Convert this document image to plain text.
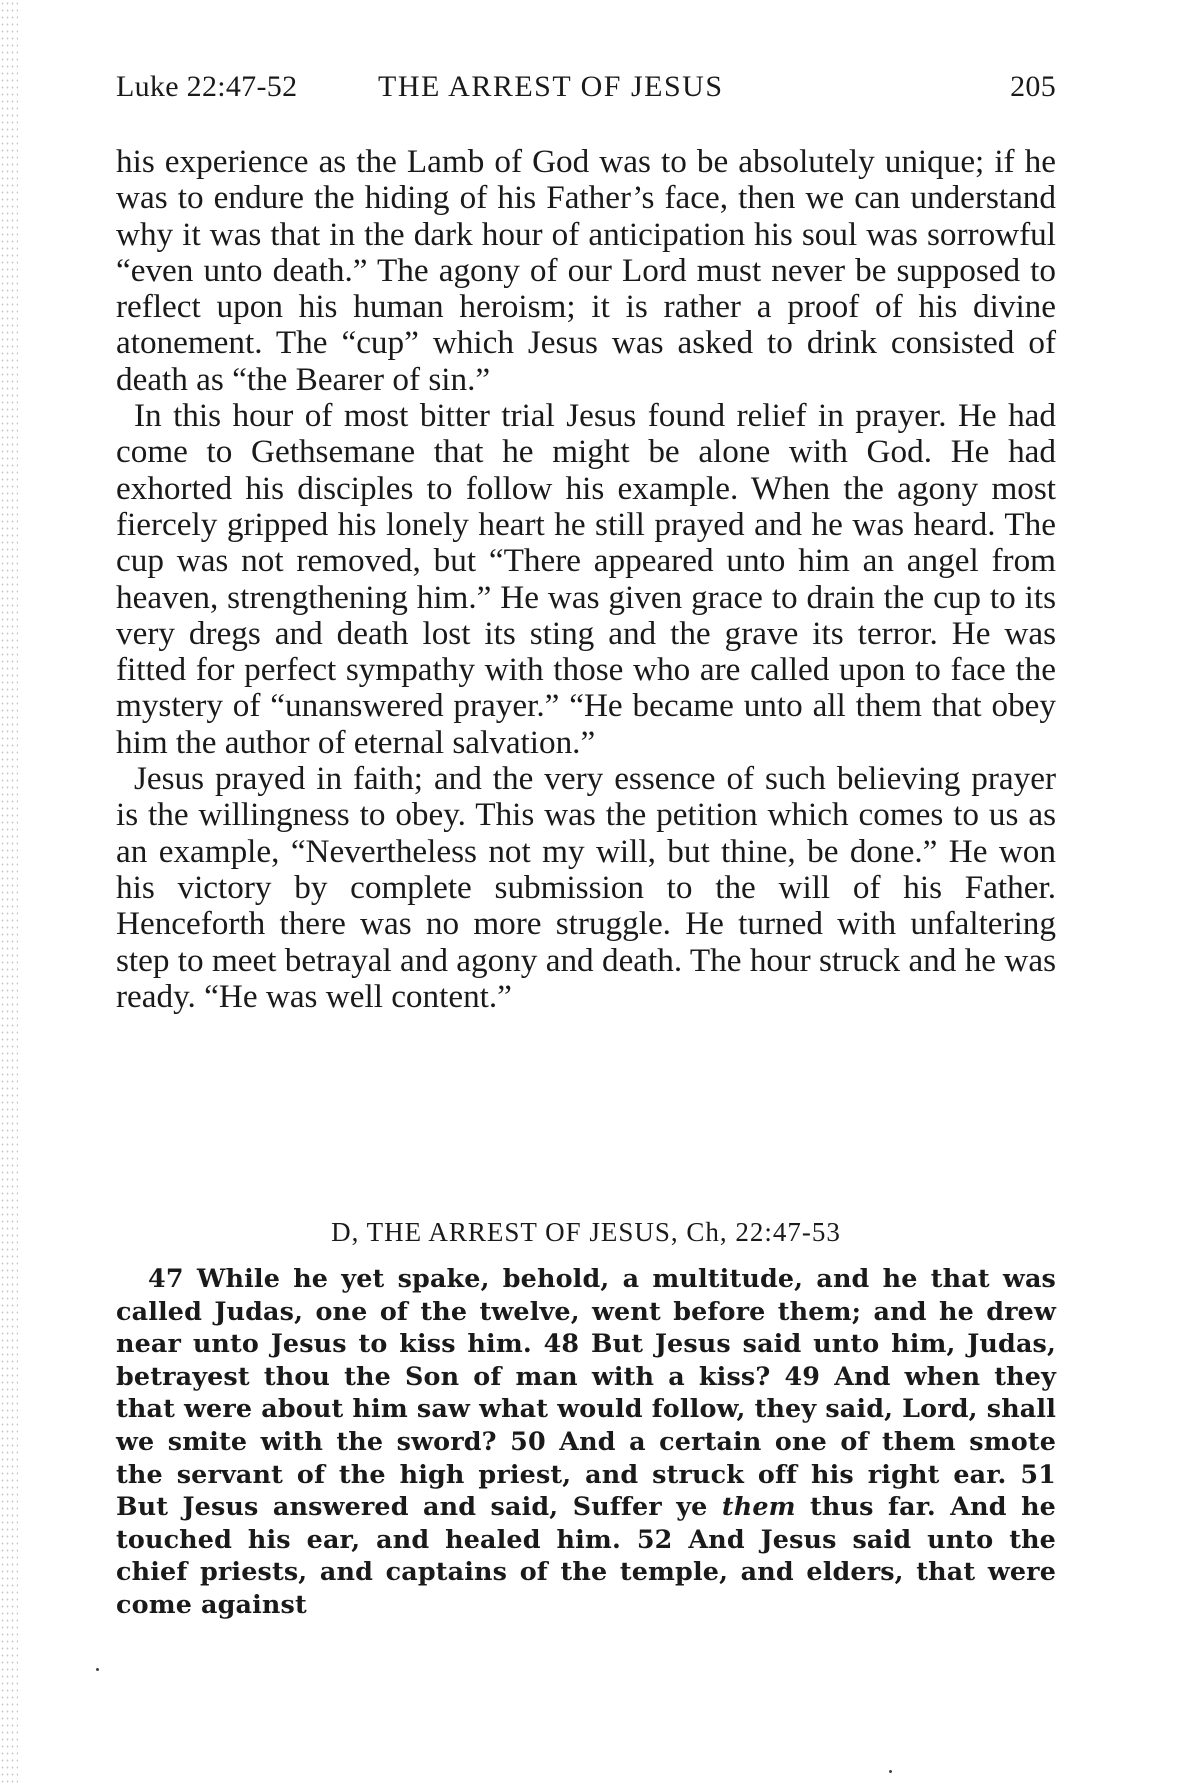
Luke 22:47-52	THE ARREST OF JESUS	205

his experience as the Lamb of God was to be absolutely unique; if he was to endure the hiding of his Father’s face, then we can understand why it was that in the dark hour of anticipation his soul was sorrowful “even unto death.” The agony of our Lord must never be supposed to reflect upon his human heroism; it is rather a proof of his divine atonement. The “cup” which Jesus was asked to drink consisted of death as “the Bearer of sin.”

In this hour of most bitter trial Jesus found relief in prayer. He had come to Gethsemane that he might be alone with God. He had exhorted his disciples to follow his example. When the agony most fiercely gripped his lonely heart he still prayed and he was heard. The cup was not removed, but “There appeared unto him an angel from heaven, strengthening him.” He was given grace to drain the cup to its very dregs and death lost its sting and the grave its terror. He was fitted for perfect sympathy with those who are called upon to face the mystery of “unanswered prayer.” “He became unto all them that obey him the author of eternal salvation.”

Jesus prayed in faith; and the very essence of such believing prayer is the willingness to obey. This was the petition which comes to us as an example, “Nevertheless not my will, but thine, be done.” He won his victory by complete submission to the will of his Father. Henceforth there was no more struggle. He turned with unfaltering step to meet betrayal and agony and death. The hour struck and he was ready. “He was well content.”

D, THE ARREST OF JESUS, Ch, 22:47-53

47 While he yet spake, behold, a multitude, and he that was called Judas, one of the twelve, went before them; and he drew near unto Jesus to kiss him. 48 But Jesus said unto him, Judas, betrayest thou the Son of man with a kiss? 49 And when they that were about him saw what would follow, they said, Lord, shall we smite with the sword? 50 And a certain one of them smote the servant of the high priest, and struck off his right ear. 51 But Jesus answered and said, Suffer ye them thus far. And he touched his ear, and healed him. 52 And Jesus said unto the chief priests, and captains of the temple, and elders, that were come against
